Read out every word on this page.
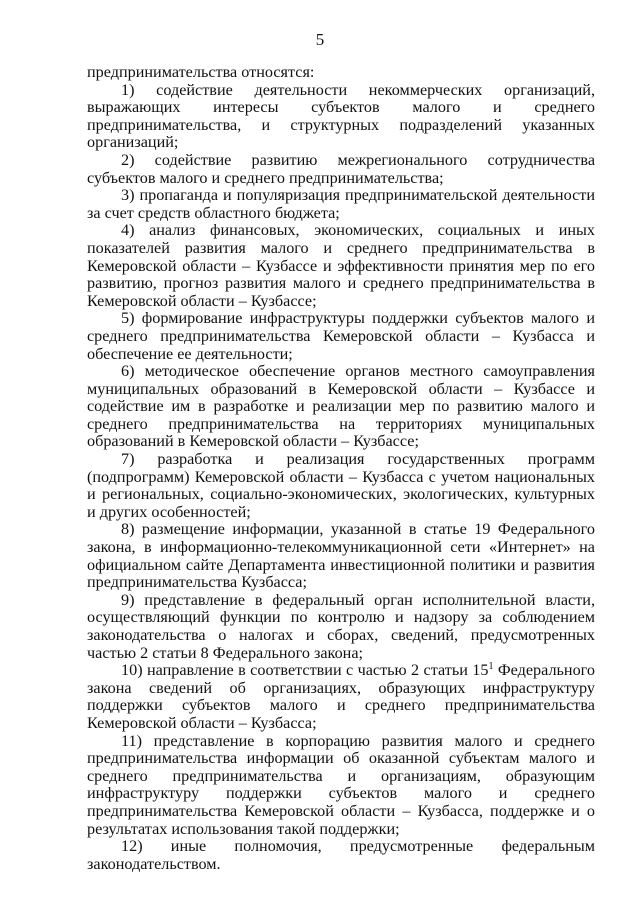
5

предпринимательства относятся:

1) содействие деятельности некоммерческих организаций, выражающих интересы субъектов малого и среднего предпринимательства, и структурных подразделений указанных организаций;

2) содействие развитию межрегионального сотрудничества субъектов малого и среднего предпринимательства;

3) пропаганда и популяризация предпринимательской деятельности за счет средств областного бюджета;

4) анализ финансовых, экономических, социальных и иных показателей развития малого и среднего предпринимательства в Кемеровской области – Кузбассе и эффективности принятия мер по его развитию, прогноз развития малого и среднего предпринимательства в Кемеровской области – Кузбассе;

5) формирование инфраструктуры поддержки субъектов малого и среднего предпринимательства Кемеровской области – Кузбасса и обеспечение ее деятельности;

6) методическое обеспечение органов местного самоуправления муниципальных образований в Кемеровской области – Кузбассе и содействие им в разработке и реализации мер по развитию малого и среднего предпринимательства на территориях муниципальных образований в Кемеровской области – Кузбассе;

7) разработка и реализация государственных программ (подпрограмм) Кемеровской области – Кузбасса с учетом национальных и региональных, социально-экономических, экологических, культурных и других особенностей;

8) размещение информации, указанной в статье 19 Федерального закона, в информационно-телекоммуникационной сети «Интернет» на официальном сайте Департамента инвестиционной политики и развития предпринимательства Кузбасса;

9) представление в федеральный орган исполнительной власти, осуществляющий функции по контролю и надзору за соблюдением законодательства о налогах и сборах, сведений, предусмотренных частью 2 статьи 8 Федерального закона;

10) направление в соответствии с частью 2 статьи $15^1$ Федерального закона сведений об организациях, образующих инфраструктуру поддержки субъектов малого и среднего предпринимательства Кемеровской области – Кузбасса;

11) представление в корпорацию развития малого и среднего предпринимательства информации об оказанной субъектам малого и среднего предпринимательства и организациям, образующим инфраструктуру поддержки субъектов малого и среднего предпринимательства Кемеровской области – Кузбасса, поддержке и о результатах использования такой поддержки;

12) иные полномочия, предусмотренные федеральным законодательством.
